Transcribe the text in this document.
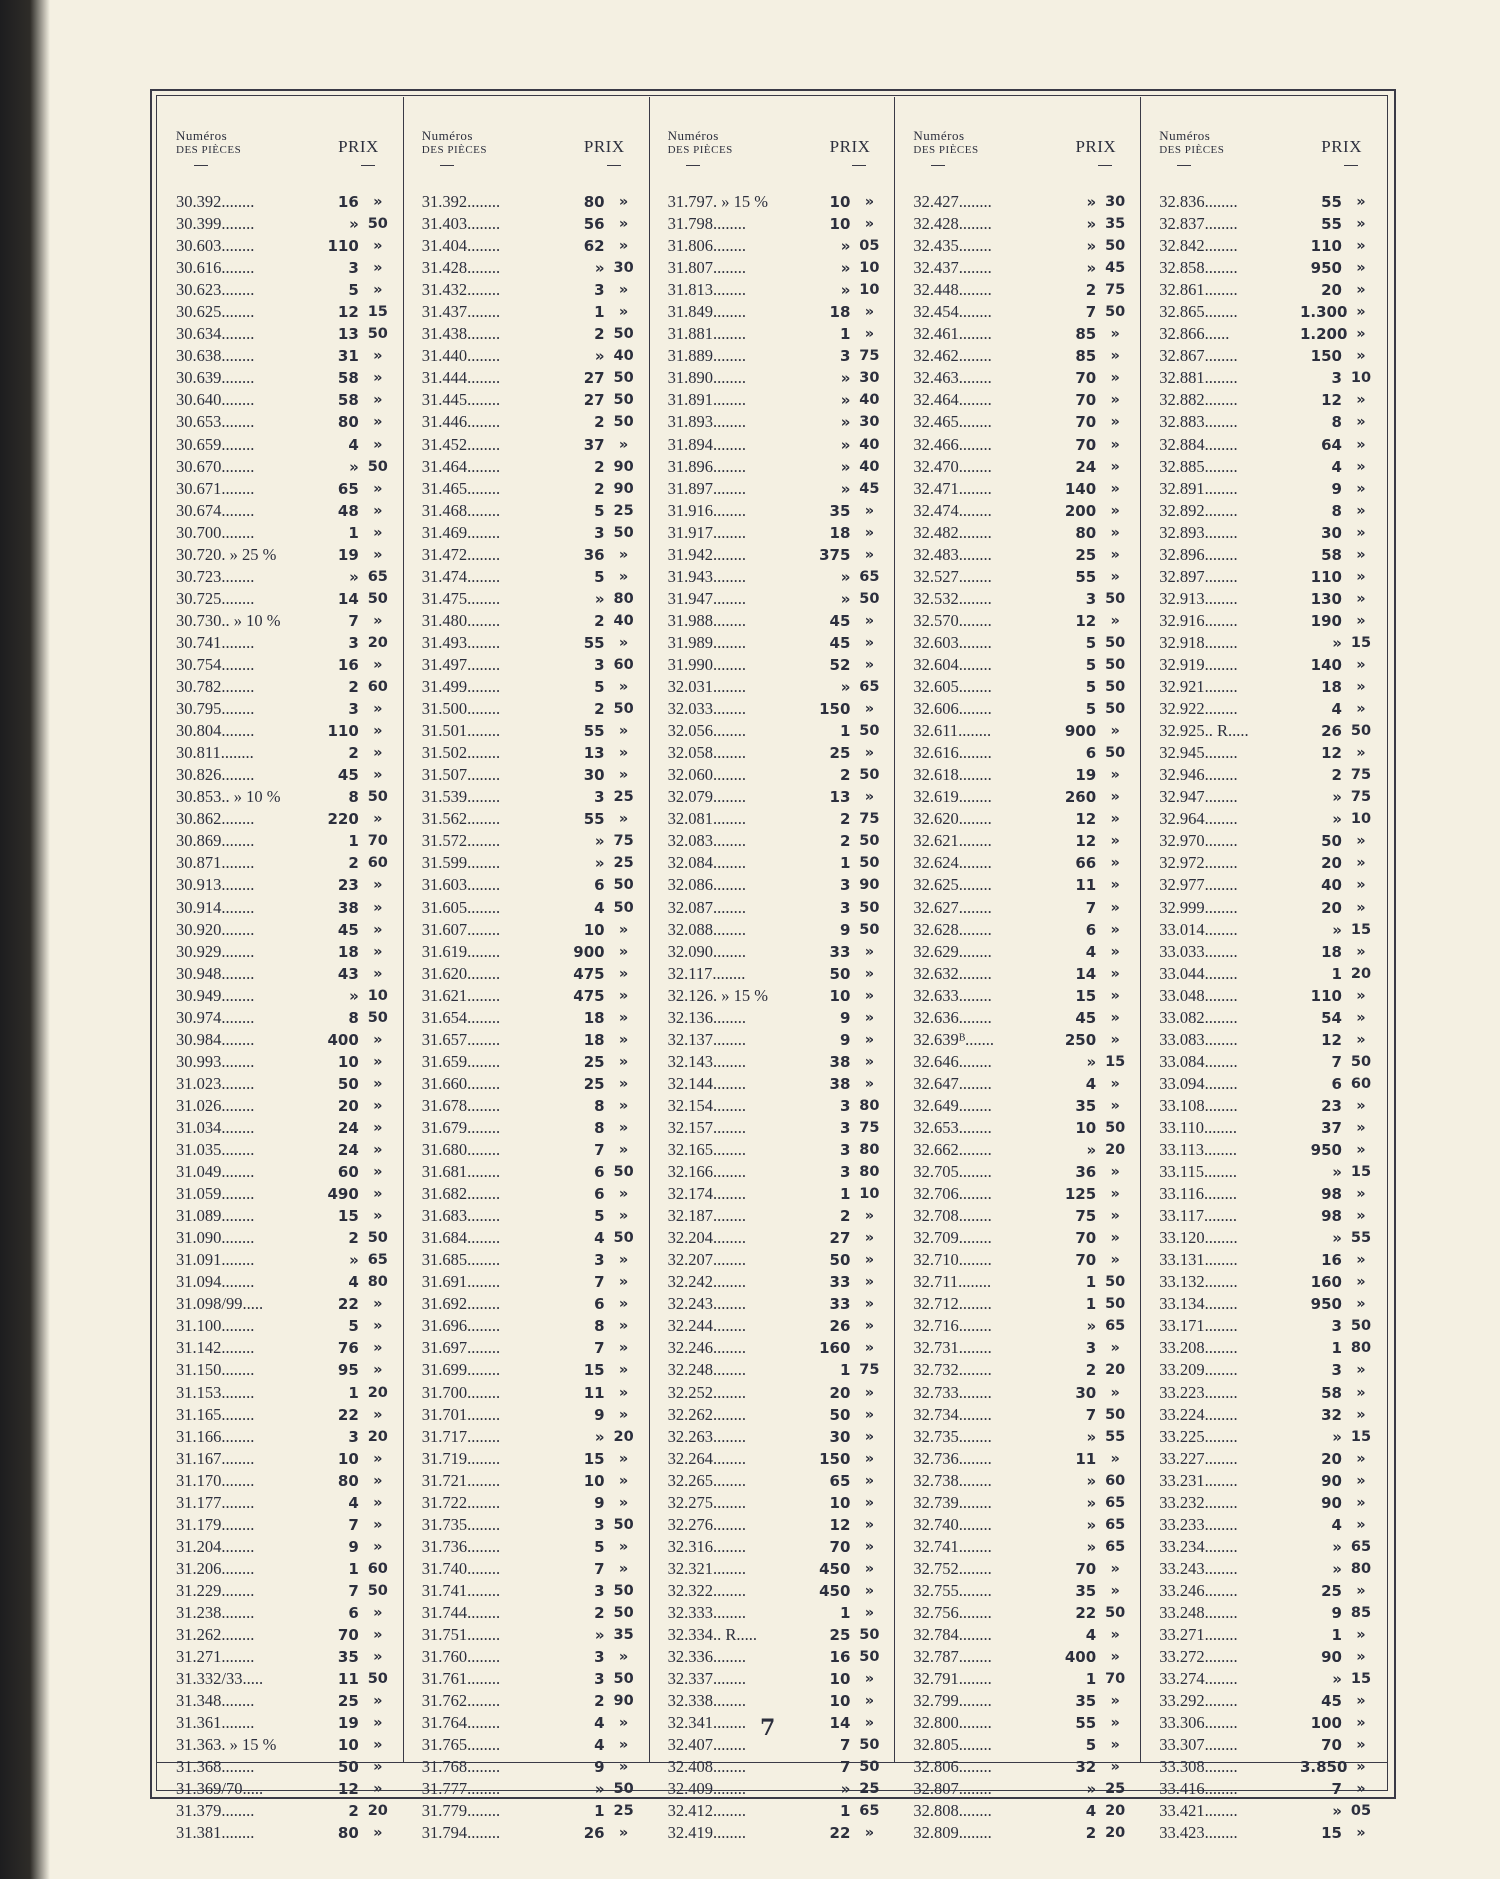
Numéros
DES PIÈCES	PRIX
30.392........	16 »
30.399........	» 50
30.603........	110 »
30.616........	3 »
30.623........	5 »
30.625........	12 15
30.634........	13 50
30.638........	31 »
30.639........	58 »
30.640........	58 »
30.653........	80 »
30.659........	4 »
30.670........	» 50
30.671........	65 »
30.674........	48 »
30.700........	1 »
30.720. » 25 %	19 »
30.723........	» 65
30.725........	14 50
30.730.. » 10 %	7 »
30.741........	3 20
30.754........	16 »
30.782........	2 60
30.795........	3 »
30.804........	110 »
30.811........	2 »
30.826........	45 »
30.853.. » 10 %	8 50
30.862........	220 »
30.869........	1 70
30.871........	2 60
30.913........	23 »
30.914........	38 »
30.920........	45 »
30.929........	18 »
30.948........	43 »
30.949........	» 10
30.974........	8 50
30.984........	400 »
30.993........	10 »
31.023........	50 »
31.026........	20 »
31.034........	24 »
31.035........	24 »
31.049........	60 »
31.059........	490 »
31.089........	15 »
31.090........	2 50
31.091........	» 65
31.094........	4 80
31.098/99.....	22 »
31.100........	5 »
31.142........	76 »
31.150........	95 »
31.153........	1 20
31.165........	22 »
31.166........	3 20
31.167........	10 »
31.170........	80 »
31.177........	4 »
31.179........	7 »
31.204........	9 »
31.206........	1 60
31.229........	7 50
31.238........	6 »
31.262........	70 »
31.271........	35 »
31.332/33.....	11 50
31.348........	25 »
31.361........	19 »
31.363. » 15 %	10 »
31.368........	50 »
31.369/70.....	12 »
31.379........	2 20
31.381........	80 »
Numéros
DES PIÈCES	PRIX
31.392........	80 »
31.403........	56 »
31.404........	62 »
31.428........	» 30
31.432........	3 »
31.437........	1 »
31.438........	2 50
31.440........	» 40
31.444........	27 50
31.445........	27 50
31.446........	2 50
31.452........	37 »
31.464........	2 90
31.465........	2 90
31.468........	5 25
31.469........	3 50
31.472........	36 »
31.474........	5 »
31.475........	» 80
31.480........	2 40
31.493........	55 »
31.497........	3 60
31.499........	5 »
31.500........	2 50
31.501........	55 »
31.502........	13 »
31.507........	30 »
31.539........	3 25
31.562........	55 »
31.572........	» 75
31.599........	» 25
31.603........	6 50
31.605........	4 50
31.607........	10 »
31.619........	900 »
31.620........	475 »
31.621........	475 »
31.654........	18 »
31.657........	18 »
31.659........	25 »
31.660........	25 »
31.678........	8 »
31.679........	8 »
31.680........	7 »
31.681........	6 50
31.682........	6 »
31.683........	5 »
31.684........	4 50
31.685........	3 »
31.691........	7 »
31.692........	6 »
31.696........	8 »
31.697........	7 »
31.699........	15 »
31.700........	11 »
31.701........	9 »
31.717........	» 20
31.719........	15 »
31.721........	10 »
31.722........	9 »
31.735........	3 50
31.736........	5 »
31.740........	7 »
31.741........	3 50
31.744........	2 50
31.751........	» 35
31.760........	3 »
31.761........	3 50
31.762........	2 90
31.764........	4 »
31.765........	4 »
31.768........	9 »
31.777........	» 50
31.779........	1 25
31.794........	26 »
Numéros
DES PIÈCES	PRIX
31.797. » 15 %	10 »
31.798........	10 »
31.806........	» 05
31.807........	» 10
31.813........	» 10
31.849........	18 »
31.881........	1 »
31.889........	3 75
31.890........	» 30
31.891........	» 40
31.893........	» 30
31.894........	» 40
31.896........	» 40
31.897........	» 45
31.916........	35 »
31.917........	18 »
31.942........	375 »
31.943........	» 65
31.947........	» 50
31.988........	45 »
31.989........	45 »
31.990........	52 »
32.031........	» 65
32.033........	150 »
32.056........	1 50
32.058........	25 »
32.060........	2 50
32.079........	13 »
32.081........	2 75
32.083........	2 50
32.084........	1 50
32.086........	3 90
32.087........	3 50
32.088........	9 50
32.090........	33 »
32.117........	50 »
32.126. » 15 %	10 »
32.136........	9 »
32.137........	9 »
32.143........	38 »
32.144........	38 »
32.154........	3 80
32.157........	3 75
32.165........	3 80
32.166........	3 80
32.174........	1 10
32.187........	2 »
32.204........	27 »
32.207........	50 »
32.242........	33 »
32.243........	33 »
32.244........	26 »
32.246........	160 »
32.248........	1 75
32.252........	20 »
32.262........	50 »
32.263........	30 »
32.264........	150 »
32.265........	65 »
32.275........	10 »
32.276........	12 »
32.316........	70 »
32.321........	450 »
32.322........	450 »
32.333........	1 »
32.334.. R.....	25 50
32.336........	16 50
32.337........	10 »
32.338........	10 »
32.341........	14 »
32.407........	7 50
32.408........	7 50
32.409........	» 25
32.412........	1 65
32.419........	22 »
Numéros
DES PIÈCES	PRIX
32.427........	» 30
32.428........	» 35
32.435........	» 50
32.437........	» 45
32.448........	2 75
32.454........	7 50
32.461........	85 »
32.462........	85 »
32.463........	70 »
32.464........	70 »
32.465........	70 »
32.466........	70 »
32.470........	24 »
32.471........	140 »
32.474........	200 »
32.482........	80 »
32.483........	25 »
32.527........	55 »
32.532........	3 50
32.570........	12 »
32.603........	5 50
32.604........	5 50
32.605........	5 50
32.606........	5 50
32.611........	900 »
32.616........	6 50
32.618........	19 »
32.619........	260 »
32.620........	12 »
32.621........	12 »
32.624........	66 »
32.625........	11 »
32.627........	7 »
32.628........	6 »
32.629........	4 »
32.632........	14 »
32.633........	15 »
32.636........	45 »
32.639ᴮ.......	250 »
32.646........	» 15
32.647........	4 »
32.649........	35 »
32.653........	10 50
32.662........	» 20
32.705........	36 »
32.706........	125 »
32.708........	75 »
32.709........	70 »
32.710........	70 »
32.711........	1 50
32.712........	1 50
32.716........	» 65
32.731........	3 »
32.732........	2 20
32.733........	30 »
32.734........	7 50
32.735........	» 55
32.736........	11 »
32.738........	» 60
32.739........	» 65
32.740........	» 65
32.741........	» 65
32.752........	70 »
32.755........	35 »
32.756........	22 50
32.784........	4 »
32.787........	400 »
32.791........	1 70
32.799........	35 »
32.800........	55 »
32.805........	5 »
32.806........	32 »
32.807........	» 25
32.808........	4 20
32.809........	2 20
Numéros
DES PIÈCES	PRIX
32.836........	55 »
32.837........	55 »
32.842........	110 »
32.858........	950 »
32.861........	20 »
32.865........	1.300 »
32.866......	1.200 »
32.867........	150 »
32.881........	3 10
32.882........	12 »
32.883........	8 »
32.884........	64 »
32.885........	4 »
32.891........	9 »
32.892........	8 »
32.893........	30 »
32.896........	58 »
32.897........	110 »
32.913........	130 »
32.916........	190 »
32.918........	» 15
32.919........	140 »
32.921........	18 »
32.922........	4 »
32.925.. R.....	26 50
32.945........	12 »
32.946........	2 75
32.947........	» 75
32.964........	» 10
32.970........	50 »
32.972........	20 »
32.977........	40 »
32.999........	20 »
33.014........	» 15
33.033........	18 »
33.044........	1 20
33.048........	110 »
33.082........	54 »
33.083........	12 »
33.084........	7 50
33.094........	6 60
33.108........	23 »
33.110........	37 »
33.113........	950 »
33.115........	» 15
33.116........	98 »
33.117........	98 »
33.120........	» 55
33.131........	16 »
33.132........	160 »
33.134........	950 »
33.171........	3 50
33.208........	1 80
33.209........	3 »
33.223........	58 »
33.224........	32 »
33.225........	» 15
33.227........	20 »
33.231........	90 »
33.232........	90 »
33.233........	4 »
33.234........	» 65
33.243........	» 80
33.246........	25 »
33.248........	9 85
33.271........	1 »
33.272........	90 »
33.274........	» 15
33.292........	45 »
33.306........	100 »
33.307........	70 »
33.308........	3.850 »
33.416........	7 »
33.421........	» 05
33.423........	15 »
7
